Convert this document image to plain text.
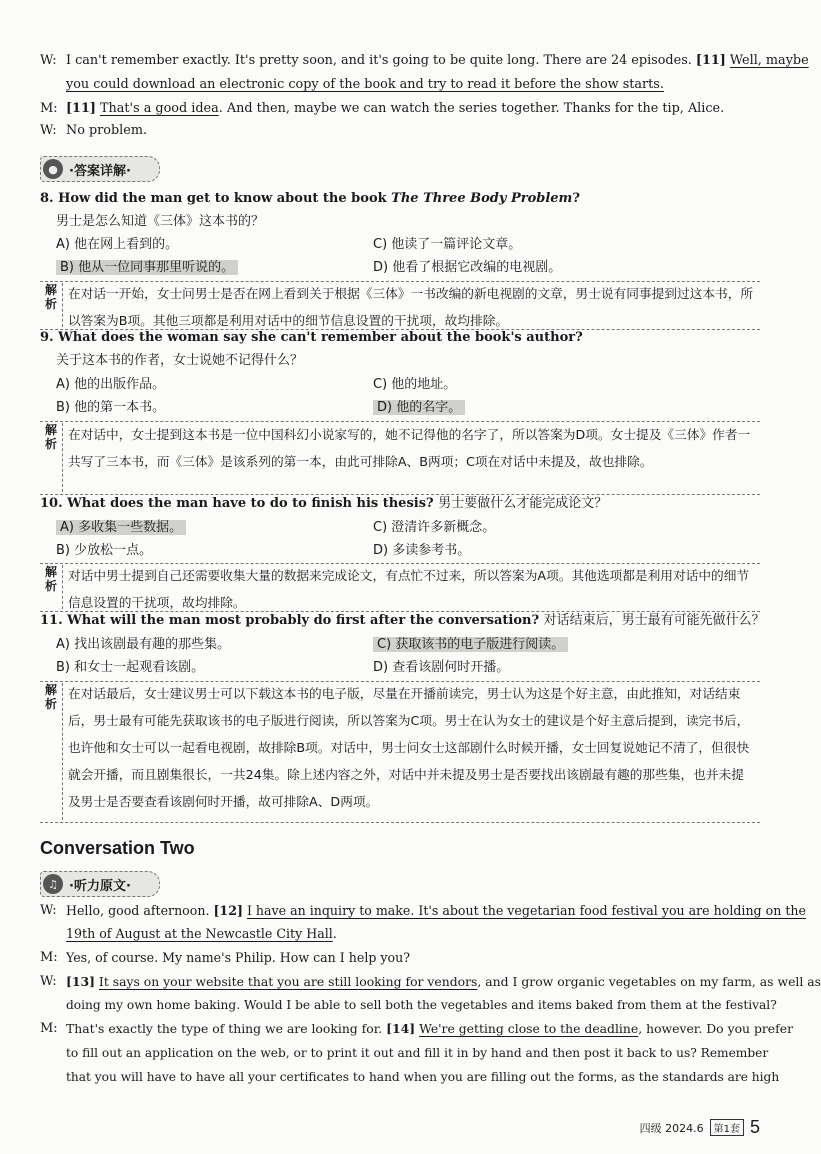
W: I can't remember exactly. It's pretty soon, and it's going to be quite long. There are 24 episodes. [11] Well, maybe
you could download an electronic copy of the book and try to read it before the show starts.
M: [11] That's a good idea. And then, maybe we can watch the series together. Thanks for the tip, Alice.
W: No problem.
● ·答案详解·
8. How did the man get to know about the book The Three Body Problem?
男士是怎么知道《三体》这本书的？
A) 他在网上看到的。	C) 他读了一篇评论文章。
B) 他从一位同事那里听说的。	D) 他看了根据它改编的电视剧。
解析
在对话一开始，女士问男士是否在网上看到关于根据《三体》一书改编的新电视剧的文章，男士说有同事提到过这本书，所以答案为B项。其他三项都是利用对话中的细节信息设置的干扰项，故均排除。
9. What does the woman say she can't remember about the book's author?
关于这本书的作者，女士说她不记得什么？
A) 他的出版作品。	C) 他的地址。
B) 他的第一本书。	D) 他的名字。
解析
在对话中，女士提到这本书是一位中国科幻小说家写的，她不记得他的名字了，所以答案为D项。女士提及《三体》作者一共写了三本书，而《三体》是该系列的第一本，由此可排除A、B两项；C项在对话中未提及，故也排除。
10. What does the man have to do to finish his thesis? 男士要做什么才能完成论文？
A) 多收集一些数据。	C) 澄清许多新概念。
B) 少放松一点。	D) 多读参考书。
解析
对话中男士提到自己还需要收集大量的数据来完成论文，有点忙不过来，所以答案为A项。其他选项都是利用对话中的细节信息设置的干扰项，故均排除。
11. What will the man most probably do first after the conversation? 对话结束后，男士最有可能先做什么？
A) 找出该剧最有趣的那些集。	C) 获取该书的电子版进行阅读。
B) 和女士一起观看该剧。	D) 查看该剧何时开播。
解析
在对话最后，女士建议男士可以下载这本书的电子版，尽量在开播前读完，男士认为这是个好主意，由此推知，对话结束后，男士最有可能先获取该书的电子版进行阅读，所以答案为C项。男士在认为女士的建议是个好主意后提到，读完书后，也许他和女士可以一起看电视剧，故排除B项。对话中，男士问女士这部剧什么时候开播，女士回复说她记不清了，但很快就会开播，而且剧集很长，一共24集。除上述内容之外，对话中并未提及男士是否要找出该剧最有趣的那些集，也并未提及男士是否要查看该剧何时开播，故可排除A、D两项。
Conversation Two
♫ ·听力原文·
W: Hello, good afternoon. [12] I have an inquiry to make. It's about the vegetarian food festival you are holding on the
19th of August at the Newcastle City Hall.
M: Yes, of course. My name's Philip. How can I help you?
W: [13] It says on your website that you are still looking for vendors, and I grow organic vegetables on my farm, as well as
doing my own home baking. Would I be able to sell both the vegetables and items baked from them at the festival?
M: That's exactly the type of thing we are looking for. [14] We're getting close to the deadline, however. Do you prefer
to fill out an application on the web, or to print it out and fill it in by hand and then post it back to us? Remember
that you will have to have all your certificates to hand when you are filling out the forms, as the standards are high
四级 2024.6	第1套 5
